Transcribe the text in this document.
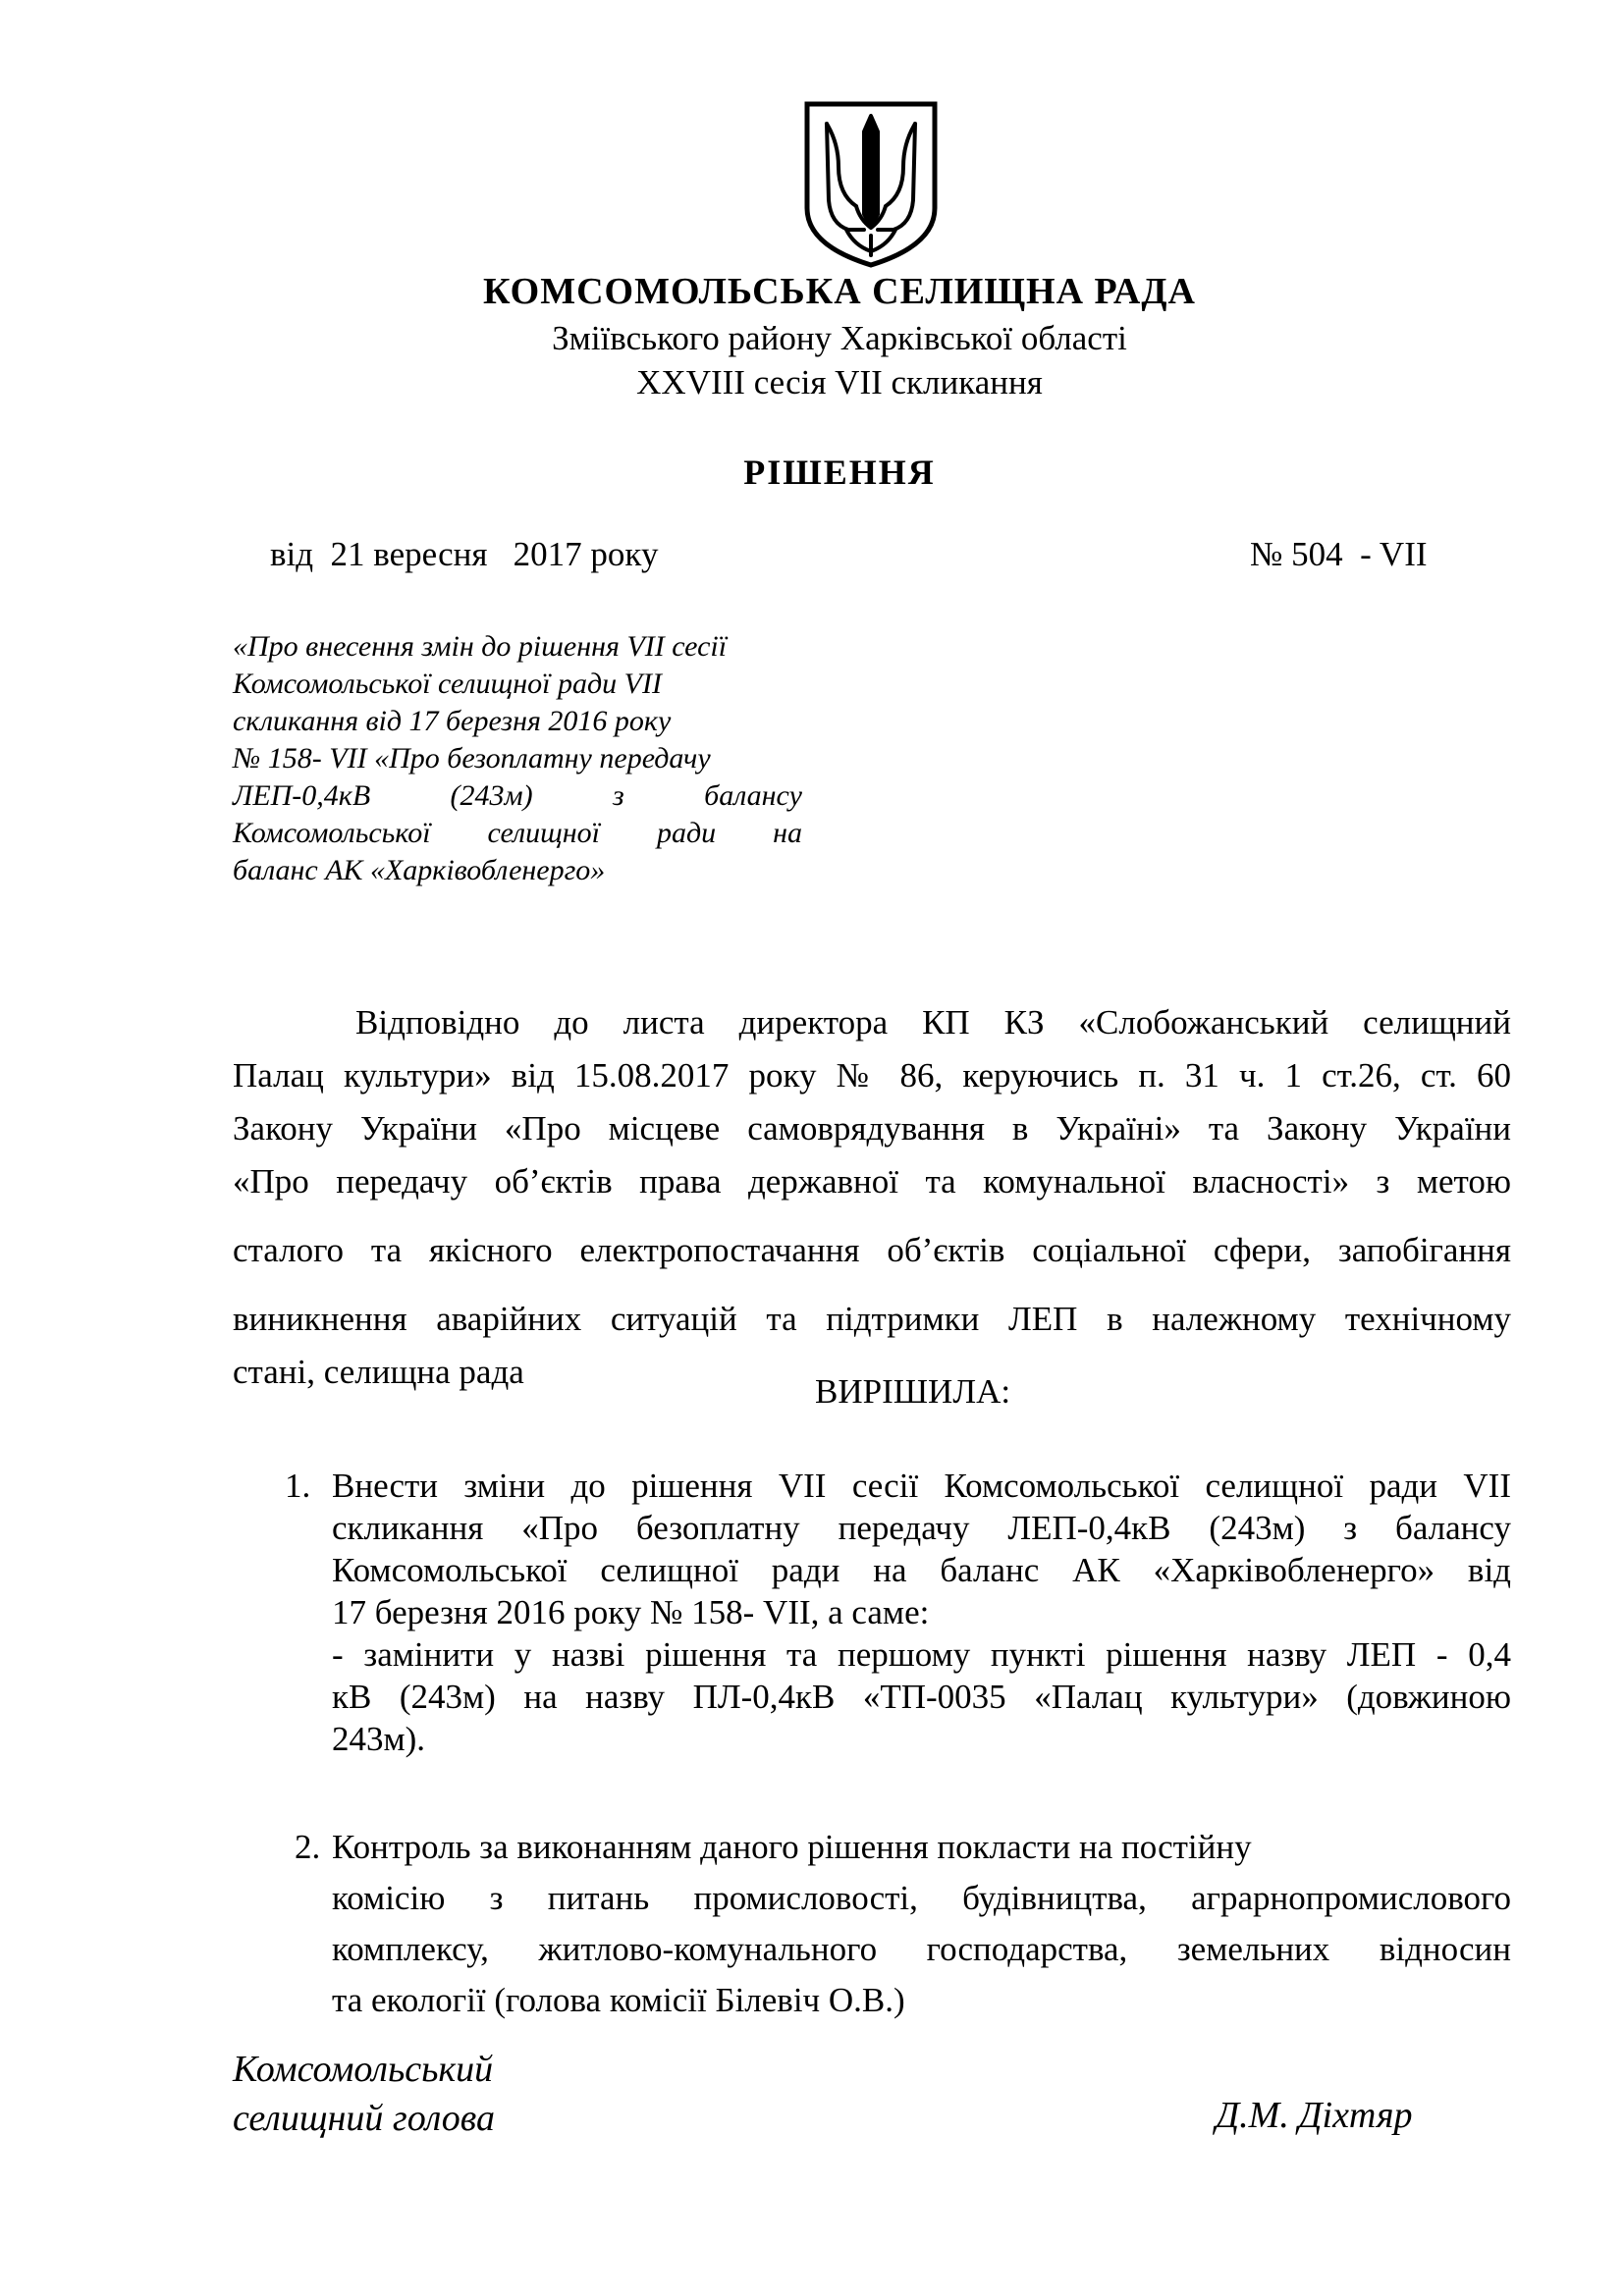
КОМСОМОЛЬСЬКА СЕЛИЩНА РАДА
Зміївського району Харківської області
XXVIII сесія VII скликання
РІШЕННЯ
від  21 вересня   2017 року	№ 504  - VII
«Про внесення змін до рішення VII сесії
Комсомольської селищної ради VII
скликання від 17 березня 2016 року
№ 158- VII «Про безоплатну передачу
ЛЕП-0,4кВ (243м) з балансу
Комсомольської селищної ради на
баланс АК «Харківобленерго»
Відповідно до листа директора КП КЗ «Слобожанський селищний
Палац культури» від 15.08.2017 року № 86, керуючись п. 31 ч. 1 ст.26, ст. 60
Закону України «Про місцеве самоврядування в Україні» та Закону України
«Про передачу об’єктів права державної та комунальної власності» з метою
сталого та якісного електропостачання об’єктів соціальної сфери, запобігання
виникнення аварійних ситуацій та підтримки ЛЕП в належному технічному
стані, селищна рада
ВИРІШИЛА:
1. Внести зміни до рішення VII сесії Комсомольської селищної ради VII
скликання «Про безоплатну передачу ЛЕП-0,4кВ (243м) з балансу
Комсомольської селищної ради на баланс АК «Харківобленерго» від
17 березня 2016 року № 158- VII, а саме:
- замінити у назві рішення та першому пункті рішення назву ЛЕП - 0,4
кВ (243м) на назву ПЛ-0,4кВ «ТП-0035 «Палац культури» (довжиною
243м).
2. Контроль за виконанням даного рішення покласти на постійну
комісію з питань промисловості, будівництва, аграрнопромислового
комплексу, житлово-комунального господарства, земельних відносин
та екології (голова комісії Білевіч О.В.)
Комсомольський
селищний голова	Д.М. Діхтяр
